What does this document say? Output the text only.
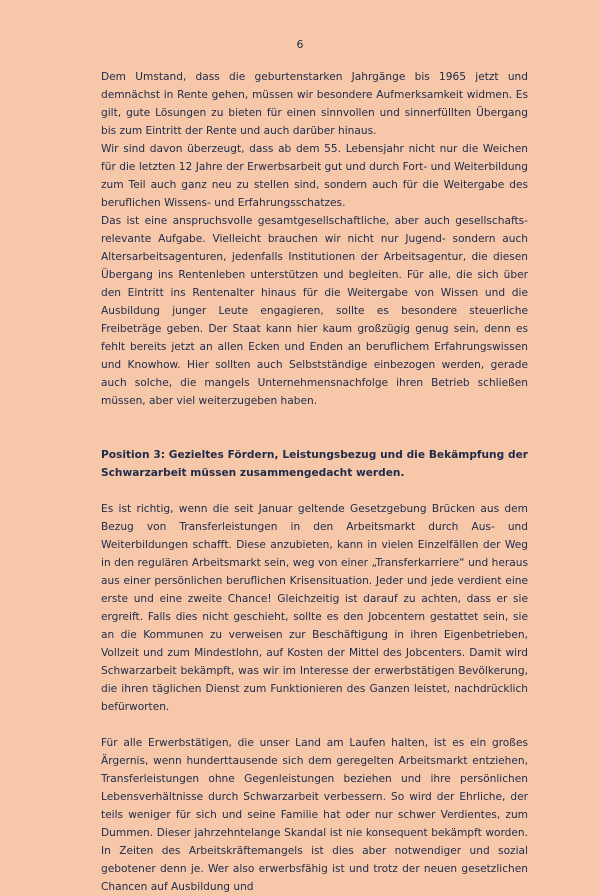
6

Dem Umstand, dass die geburtenstarken Jahrgänge bis 1965 jetzt und demnächst in Rente gehen, müssen wir besondere Aufmerksamkeit widmen. Es gilt, gute Lösungen zu bieten für einen sinnvollen und sinnerfüllten Übergang bis zum Eintritt der Rente und auch darüber hinaus.

Wir sind davon überzeugt, dass ab dem 55. Lebensjahr nicht nur die Weichen für die letzten 12 Jahre der Erwerbsarbeit gut und durch Fort- und Weiterbildung zum Teil auch ganz neu zu stellen sind, sondern auch für die Weitergabe des beruflichen Wissens- und Erfahrungsschatzes.

Das ist eine anspruchsvolle gesamtgesellschaftliche, aber auch gesellschafts-relevante Aufgabe. Vielleicht brauchen wir nicht nur Jugend- sondern auch Altersarbeitsagenturen, jedenfalls Institutionen der Arbeitsagentur, die diesen Übergang ins Rentenleben unterstützen und begleiten. Für alle, die sich über den Eintritt ins Rentenalter hinaus für die Weitergabe von Wissen und die Ausbildung junger Leute engagieren, sollte es besondere steuerliche Freibeträge geben. Der Staat kann hier kaum großzügig genug sein, denn es fehlt bereits jetzt an allen Ecken und Enden an beruflichem Erfahrungswissen und Knowhow. Hier sollten auch Selbstständige einbezogen werden, gerade auch solche, die mangels Unternehmensnachfolge ihren Betrieb schließen müssen, aber viel weiterzugeben haben.

Position 3: Gezieltes Fördern, Leistungsbezug und die Bekämpfung der Schwarzarbeit müssen zusammengedacht werden.

Es ist richtig, wenn die seit Januar geltende Gesetzgebung Brücken aus dem Bezug von Transferleistungen in den Arbeitsmarkt durch Aus- und Weiterbildungen schafft. Diese anzubieten, kann in vielen Einzelfällen der Weg in den regulären Arbeitsmarkt sein, weg von einer „Transferkarriere“ und heraus aus einer persönlichen beruflichen Krisensituation. Jeder und jede verdient eine erste und eine zweite Chance! Gleichzeitig ist darauf zu achten, dass er sie ergreift. Falls dies nicht geschieht, sollte es den Jobcentern gestattet sein, sie an die Kommunen zu verweisen zur Beschäftigung in ihren Eigenbetrieben, Vollzeit und zum Mindestlohn, auf Kosten der Mittel des Jobcenters. Damit wird Schwarzarbeit bekämpft, was wir im Interesse der erwerbstätigen Bevölkerung, die ihren täglichen Dienst zum Funktionieren des Ganzen leistet, nachdrücklich befürworten.

Für alle Erwerbstätigen, die unser Land am Laufen halten, ist es ein großes Ärgernis, wenn hunderttausende sich dem geregelten Arbeitsmarkt entziehen, Transferleistungen ohne Gegenleistungen beziehen und ihre persönlichen Lebensverhältnisse durch Schwarzarbeit verbessern. So wird der Ehrliche, der teils weniger für sich und seine Familie hat oder nur schwer Verdientes, zum Dummen. Dieser jahrzehntelange Skandal ist nie konsequent bekämpft worden. In Zeiten des Arbeitskräftemangels ist dies aber notwendiger und sozial gebotener denn je. Wer also erwerbsfähig ist und trotz der neuen gesetzlichen Chancen auf Ausbildung und
